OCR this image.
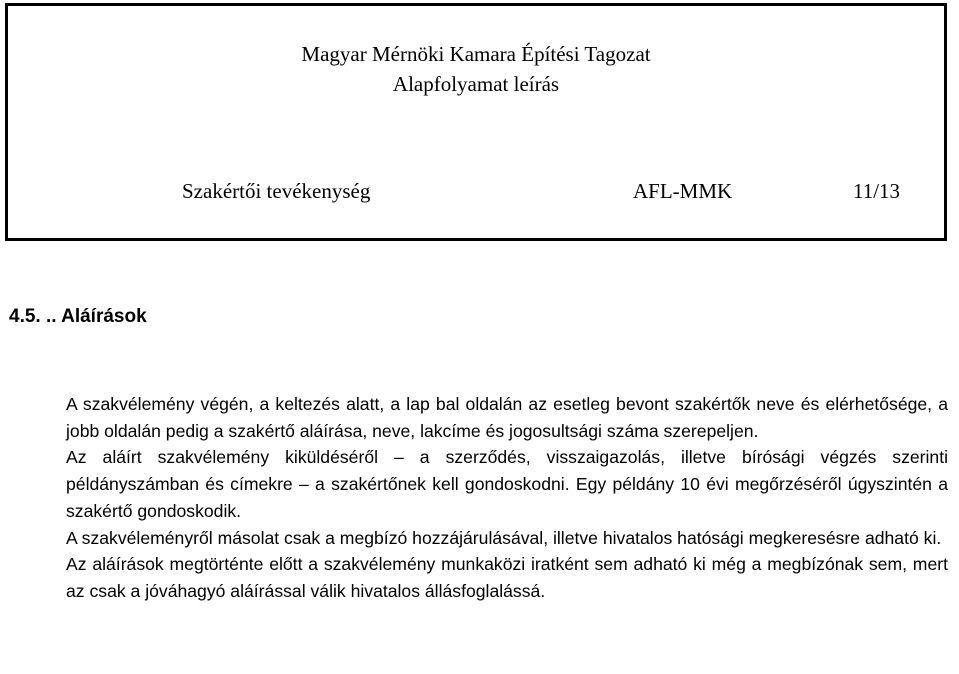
Magyar Mérnöki Kamara Építési Tagozat
Alapfolyamat leírás
Szakértői tevékenység	AFL-MMK	11/13
4.5. .. Aláírások

A szakvélemény végén, a keltezés alatt, a lap bal oldalán az esetleg bevont szakértők neve és elérhetősége, a jobb oldalán pedig a szakértő aláírása, neve, lakcíme és jogosultsági száma szerepeljen.

Az aláírt szakvélemény kiküldéséről – a szerződés, visszaigazolás, illetve bírósági végzés szerinti példányszámban és címekre – a szakértőnek kell gondoskodni. Egy példány 10 évi megőrzéséről úgyszintén a szakértő gondoskodik.

A szakvéleményről másolat csak a megbízó hozzájárulásával, illetve hivatalos hatósági megkeresésre adható ki.

Az aláírások megtörténte előtt a szakvélemény munkaközi iratként sem adható ki még a megbízónak sem, mert az csak a jóváhagyó aláírással válik hivatalos állásfoglalássá.
